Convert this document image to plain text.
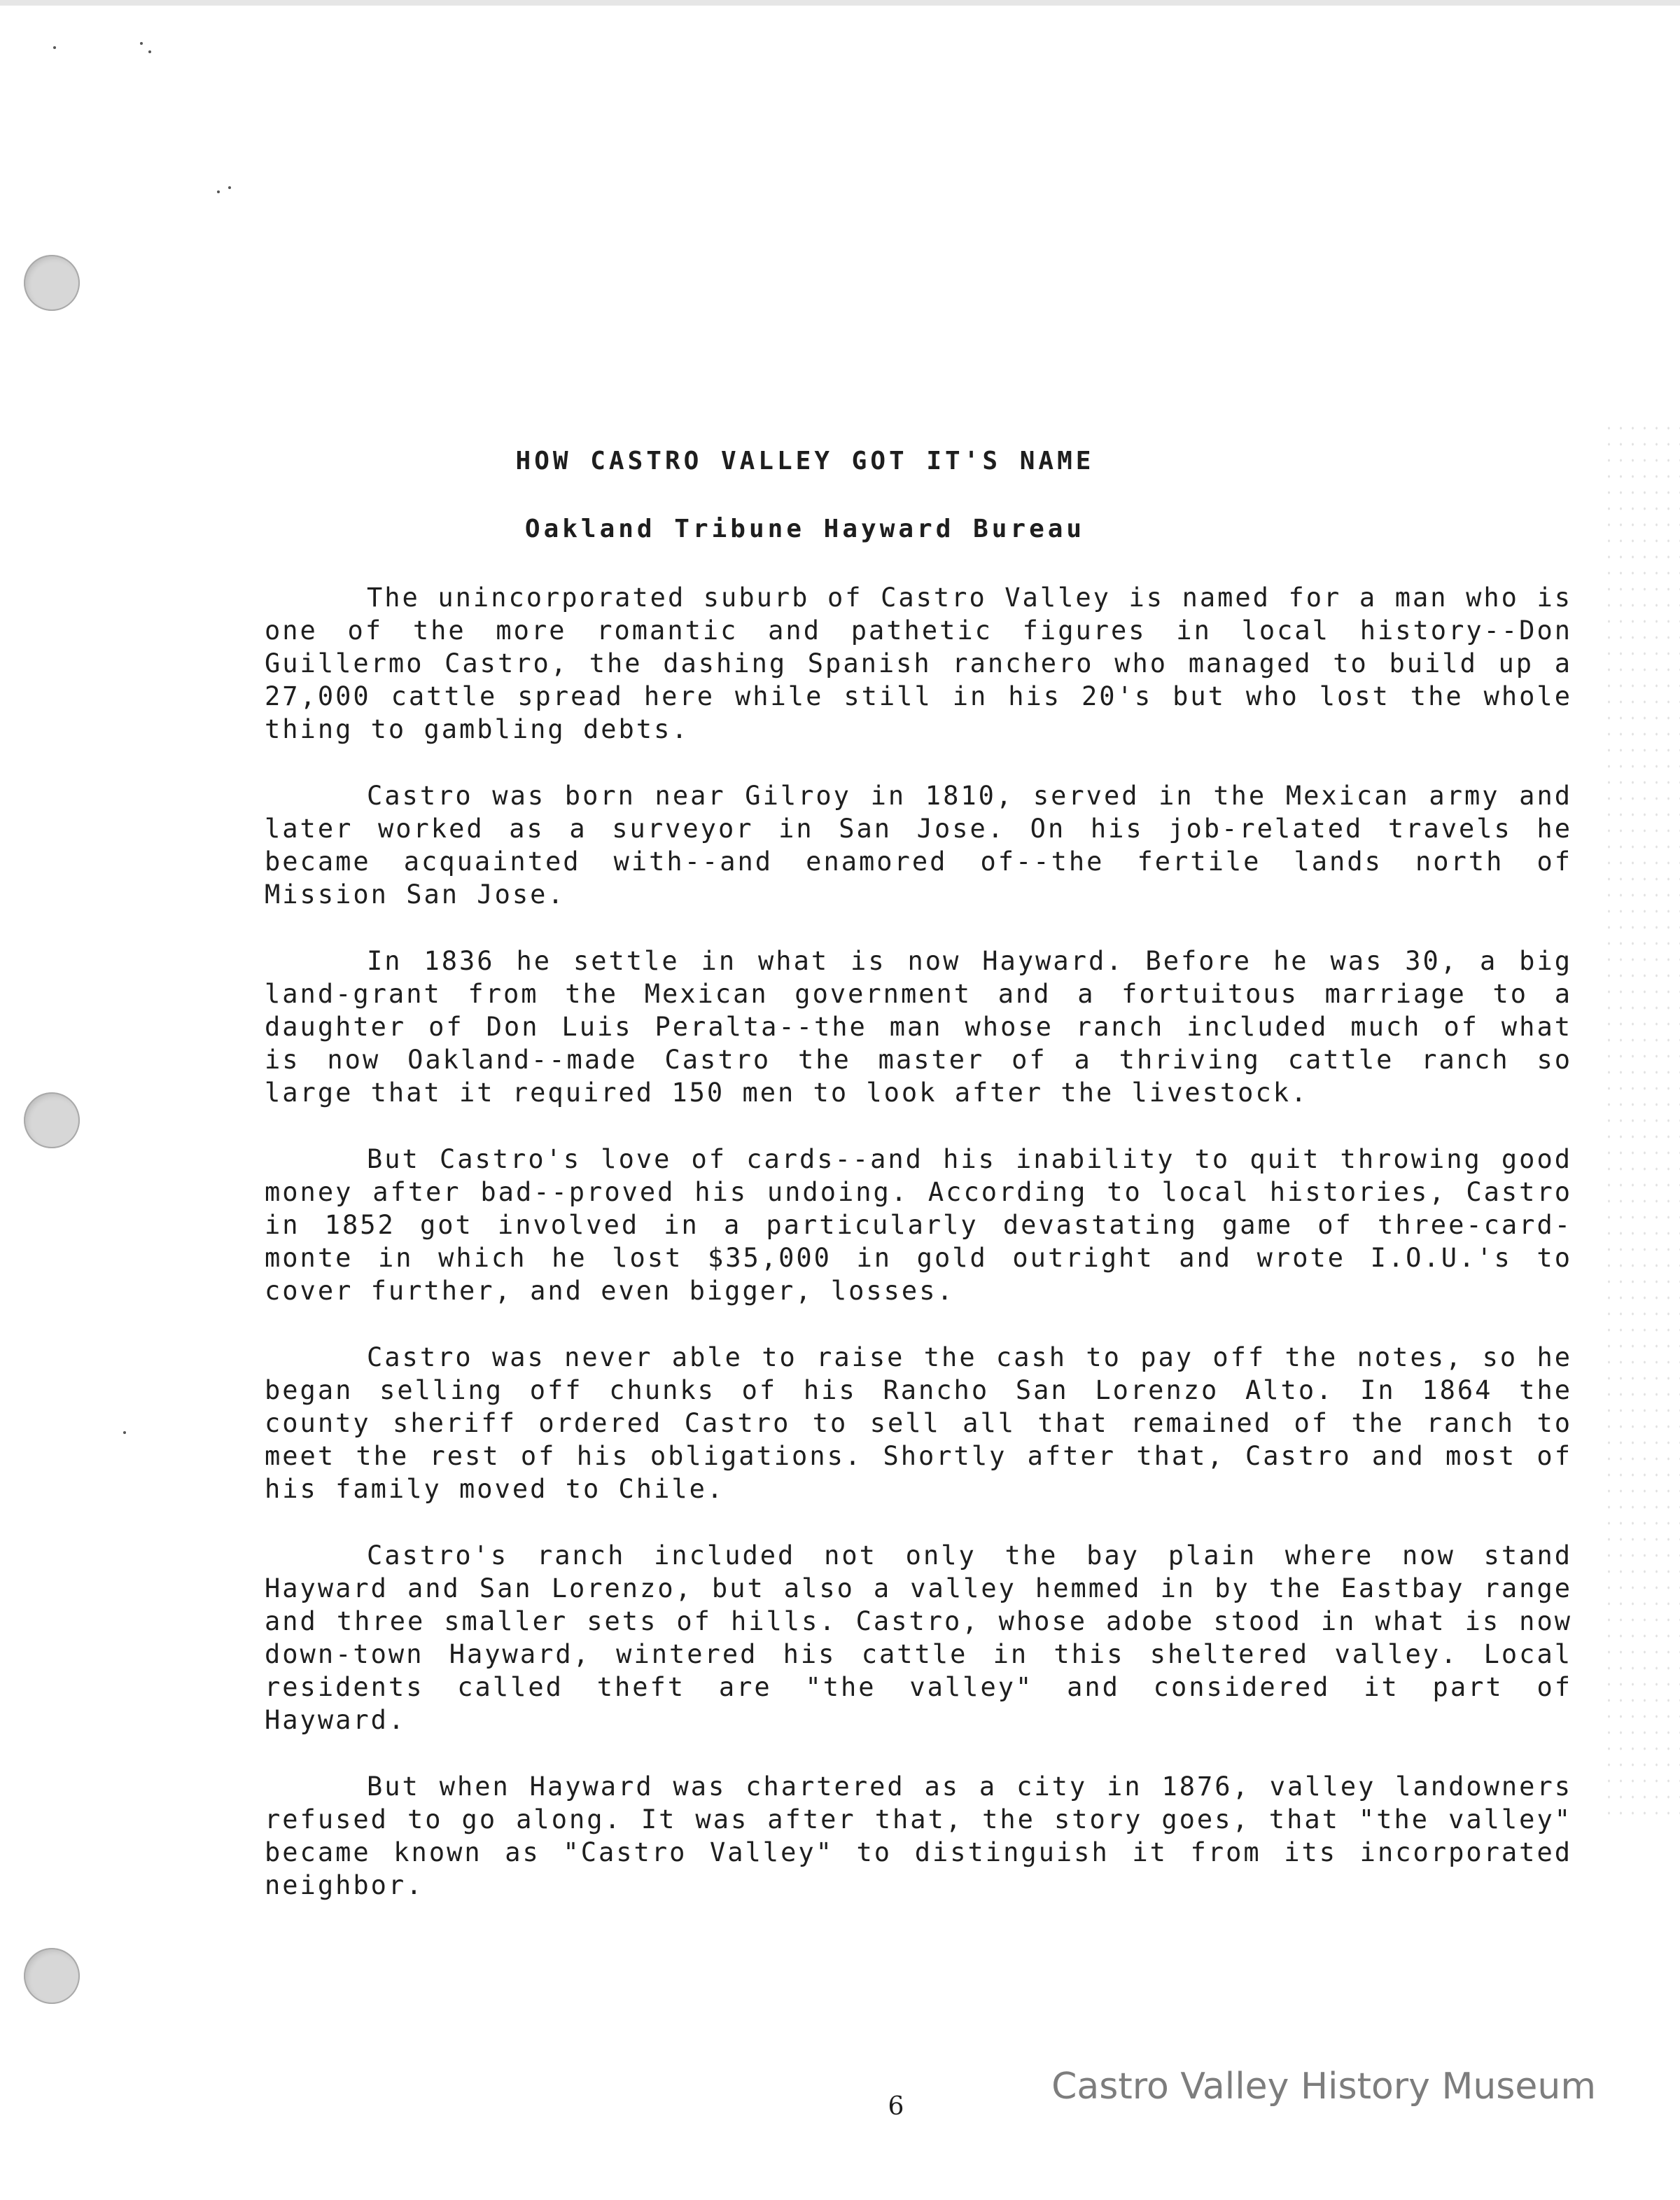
HOW CASTRO VALLEY GOT IT'S NAME
Oakland Tribune Hayward Bureau

The unincorporated suburb of Castro Valley is named for a man who is one of the more romantic and pathetic figures in local history--Don Guillermo Castro, the dashing Spanish ranchero who managed to build up a 27,000 cattle spread here while still in his 20's but who lost the whole thing to gambling debts.

Castro was born near Gilroy in 1810, served in the Mexican army and later worked as a surveyor in San Jose. On his job-related travels he became acquainted with--and enamored of--the fertile lands north of Mission San Jose.

In 1836 he settle in what is now Hayward. Before he was 30, a big land-grant from the Mexican government and a fortuitous marriage to a daughter of Don Luis Peralta--the man whose ranch included much of what is now Oakland--made Castro the master of a thriving cattle ranch so large that it required 150 men to look after the livestock.

But Castro's love of cards--and his inability to quit throwing good money after bad--proved his undoing. According to local histories, Castro in 1852 got involved in a particularly devastating game of three-card-monte in which he lost $35,000 in gold outright and wrote I.O.U.'s to cover further, and even bigger, losses.

Castro was never able to raise the cash to pay off the notes, so he began selling off chunks of his Rancho San Lorenzo Alto. In 1864 the county sheriff ordered Castro to sell all that remained of the ranch to meet the rest of his obligations. Shortly after that, Castro and most of his family moved to Chile.

Castro's ranch included not only the bay plain where now stand Hayward and San Lorenzo, but also a valley hemmed in by the Eastbay range and three smaller sets of hills. Castro, whose adobe stood in what is now down-town Hayward, wintered his cattle in this sheltered valley. Local residents called theft are "the valley" and considered it part of Hayward.

But when Hayward was chartered as a city in 1876, valley landowners refused to go along. It was after that, the story goes, that "the valley" became known as "Castro Valley" to distinguish it from its incorporated neighbor.

6	Castro Valley History Museum
